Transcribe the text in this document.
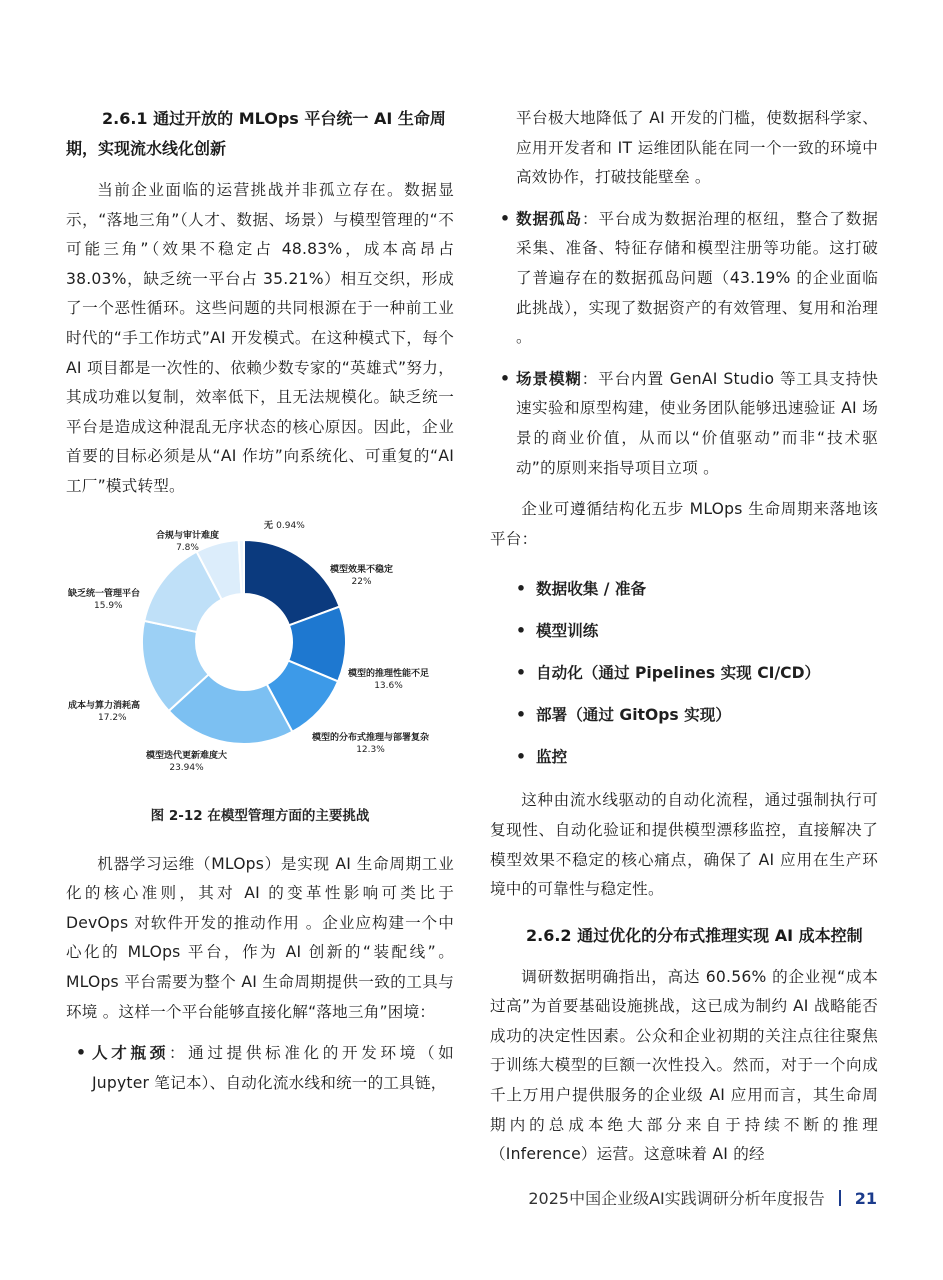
2.6.1 通过开放的 MLOps 平台统一 AI 生命周期，实现流水线化创新

当前企业面临的运营挑战并非孤立存在。数据显示，“落地三角”（人才、数据、场景）与模型管理的“不可能三角”（效果不稳定占 48.83%，成本高昂占 38.03%，缺乏统一平台占 35.21%）相互交织，形成了一个恶性循环。这些问题的共同根源在于一种前工业时代的“手工作坊式”AI 开发模式。在这种模式下，每个 AI 项目都是一次性的、依赖少数专家的“英雄式”努力，其成功难以复制，效率低下，且无法规模化。缺乏统一平台是造成这种混乱无序状态的核心原因。因此，企业首要的目标必须是从“AI 作坊”向系统化、可重复的“AI 工厂”模式转型。

无 0.94%
合规与审计难度
7.8%
模型效果不稳定
22%
缺乏统一管理平台
15.9%
模型的推理性能不足
13.6%
成本与算力消耗高
17.2%
模型的分布式推理与部署复杂
12.3%
模型迭代更新难度大
23.94%
图 2-12 在模型管理方面的主要挑战

机器学习运维（MLOps）是实现 AI 生命周期工业化的核心准则，其对 AI 的变革性影响可类比于 DevOps 对软件开发的推动作用 。企业应构建一个中心化的 MLOps 平台，作为 AI 创新的“装配线”。MLOps 平台需要为整个 AI 生命周期提供一致的工具与环境 。这样一个平台能够直接化解“落地三角”困境：

• 人才瓶颈：通过提供标准化的开发环境（如 Jupyter 笔记本）、自动化流水线和统一的工具链，

平台极大地降低了 AI 开发的门槛，使数据科学家、应用开发者和 IT 运维团队能在同一个一致的环境中高效协作，打破技能壁垒 。

• 数据孤岛：平台成为数据治理的枢纽，整合了数据采集、准备、特征存储和模型注册等功能。这打破了普遍存在的数据孤岛问题（43.19% 的企业面临此挑战），实现了数据资产的有效管理、复用和治理 。

• 场景模糊：平台内置 GenAI Studio 等工具支持快速实验和原型构建，使业务团队能够迅速验证 AI 场景的商业价值，从而以“价值驱动”而非“技术驱动”的原则来指导项目立项 。

企业可遵循结构化五步 MLOps 生命周期来落地该平台：

• 数据收集 / 准备
• 模型训练
• 自动化（通过 Pipelines 实现 CI/CD）
• 部署（通过 GitOps 实现）
• 监控

这种由流水线驱动的自动化流程，通过强制执行可复现性、自动化验证和提供模型漂移监控，直接解决了模型效果不稳定的核心痛点，确保了 AI 应用在生产环境中的可靠性与稳定性。

2.6.2 通过优化的分布式推理实现 AI 成本控制

调研数据明确指出，高达 60.56% 的企业视“成本过高”为首要基础设施挑战，这已成为制约 AI 战略能否成功的决定性因素。公众和企业初期的关注点往往聚焦于训练大模型的巨额一次性投入。然而，对于一个向成千上万用户提供服务的企业级 AI 应用而言，其生命周期内的总成本绝大部分来自于持续不断的推理（Inference）运营。这意味着 AI 的经

2025中国企业级AI实践调研分析年度报告 21
